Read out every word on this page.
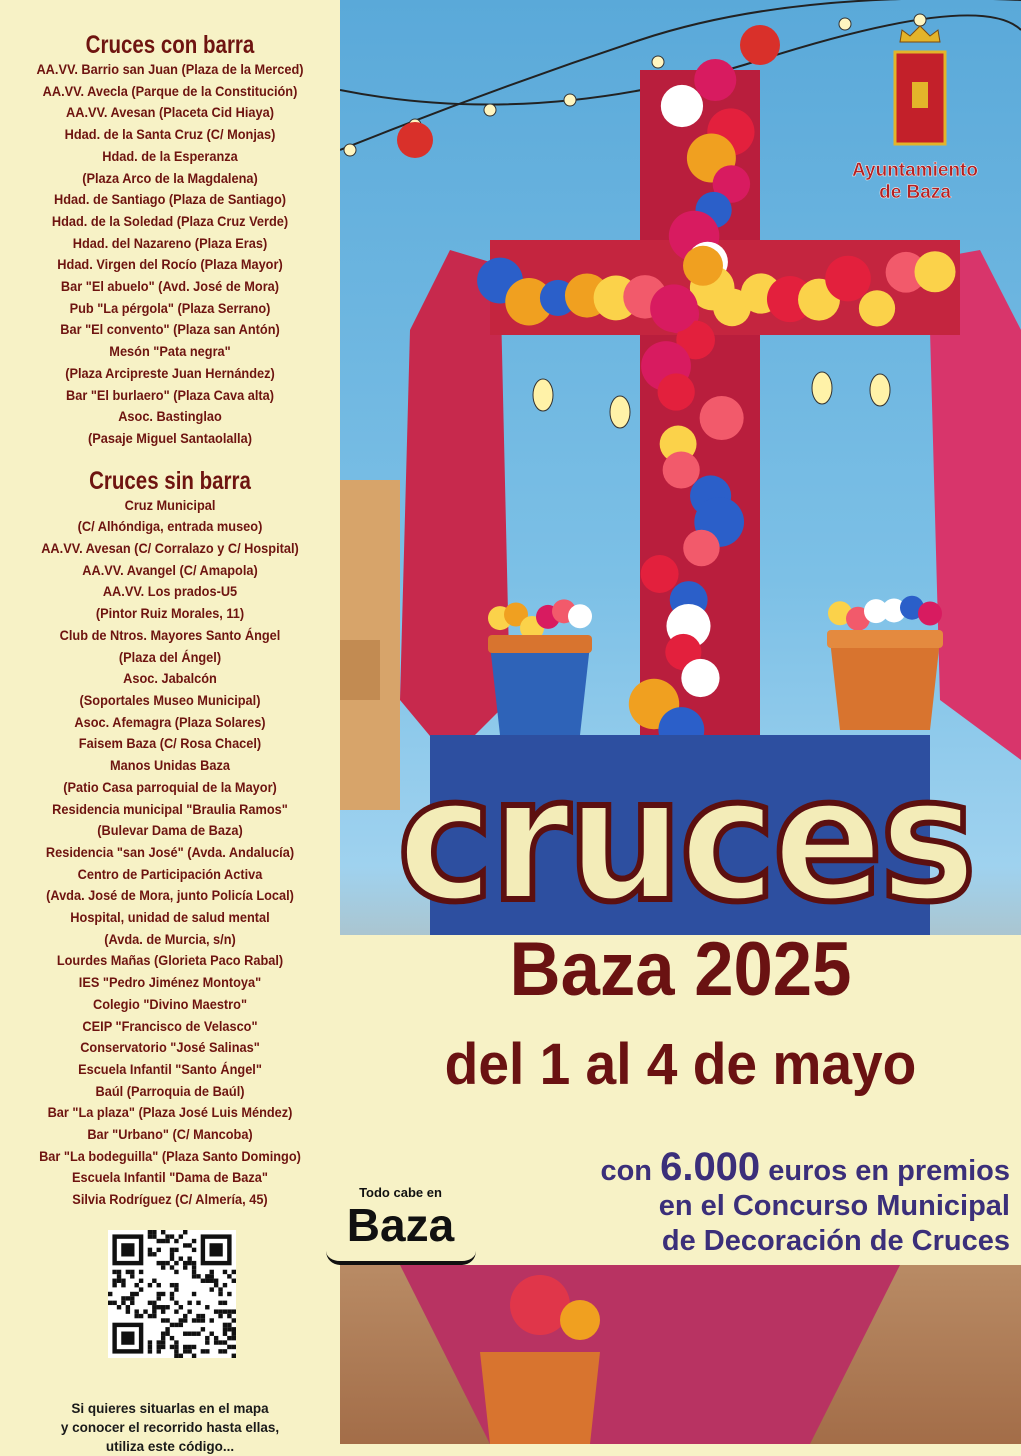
Cruces con barra
AA.VV. Barrio san Juan (Plaza de la Merced)
AA.VV. Avecla (Parque de la Constitución)
AA.VV. Avesan (Placeta Cid Hiaya)
Hdad. de la Santa Cruz (C/ Monjas)
Hdad. de la Esperanza
(Plaza Arco de la Magdalena)
Hdad. de Santiago (Plaza de Santiago)
Hdad. de la Soledad (Plaza Cruz Verde)
Hdad. del Nazareno (Plaza Eras)
Hdad. Virgen del Rocío (Plaza Mayor)
Bar "El abuelo" (Avd. José de Mora)
Pub "La pérgola" (Plaza Serrano)
Bar "El convento" (Plaza san Antón)
Mesón "Pata negra"
(Plaza Arcipreste Juan Hernández)
Bar "El burlaero" (Plaza Cava alta)
Asoc. Bastinglao
(Pasaje Miguel Santaolalla)
Cruces sin barra
Cruz Municipal
(C/ Alhóndiga, entrada museo)
AA.VV. Avesan (C/ Corralazo y C/ Hospital)
AA.VV. Avangel (C/ Amapola)
AA.VV. Los prados-U5
(Pintor Ruiz Morales, 11)
Club de Ntros. Mayores Santo Ángel
(Plaza del Ángel)
Asoc. Jabalcón
(Soportales Museo Municipal)
Asoc. Afemagra (Plaza Solares)
Faisem Baza (C/ Rosa Chacel)
Manos Unidas Baza
(Patio Casa parroquial de la Mayor)
Residencia municipal "Braulia Ramos"
(Bulevar Dama de Baza)
Residencia "san José" (Avda. Andalucía)
Centro de Participación Activa
(Avda. José de Mora, junto Policía Local)
Hospital, unidad de salud mental
(Avda. de Murcia, s/n)
Lourdes Mañas (Glorieta Paco Rabal)
IES "Pedro Jiménez Montoya"
Colegio "Divino Maestro"
CEIP "Francisco de Velasco"
Conservatorio "José Salinas"
Escuela Infantil "Santo Ángel"
Baúl (Parroquia de Baúl)
Bar "La plaza" (Plaza José Luis Méndez)
Bar "Urbano" (C/ Mancoba)
Bar "La bodeguilla" (Plaza Santo Domingo)
Escuela Infantil "Dama de Baza"
Silvia Rodríguez (C/ Almería, 45)
Si quieres situarlas en el mapa
y conocer el recorrido hasta ellas,
utiliza este código...
Ayuntamiento
de Baza
cruces
Baza 2025
del 1 al 4 de mayo
Todo cabe en
Baza
con 6.000 euros en premios
en el Concurso Municipal
de Decoración de Cruces
